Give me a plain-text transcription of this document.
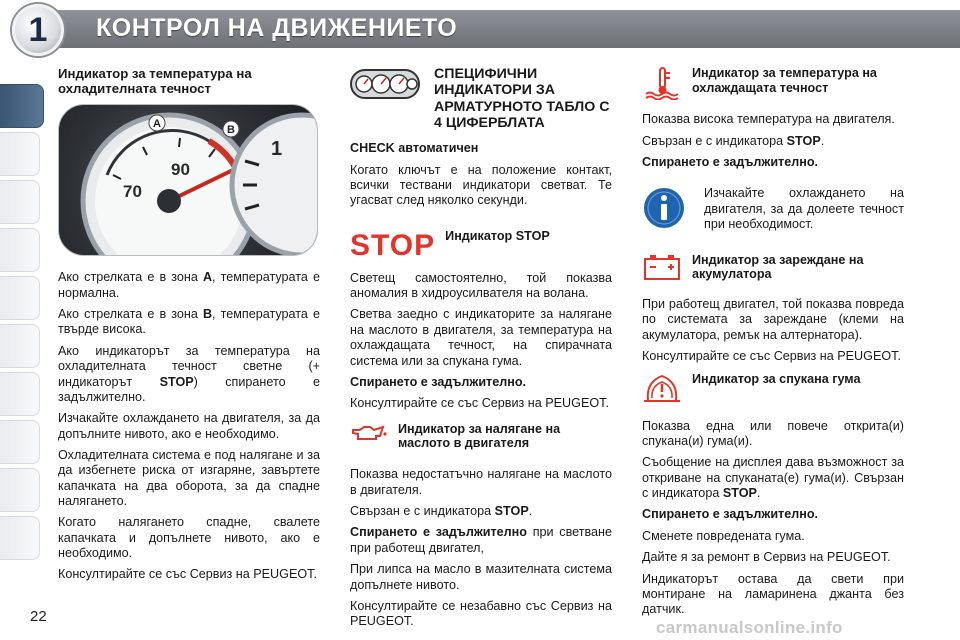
1 КОНТРОЛ НА ДВИЖЕНИЕТО
Индикатор за температура на охладителната течност
A	B
70
90
1

Ако стрелката е в зона A, температурата е нормална.

Ако стрелката е в зона B, температурата е твърде висока.

Ако индикаторът за температура на охладителната течност светне (+ индикаторът STOP) спирането е задължително.

Изчакайте охлаждането на двигателя, за да допълните нивото, ако е необходимо.

Охладителната система е под налягане и за да избегнете риска от изгаряне, завъртете капачката на два оборота, за да спадне налягането.

Когато налягането спадне, свалете капачката и допълнете нивото, ако е необходимо.

Консултирайте се със Сервиз на PEUGEOT.

СПЕЦИФИЧНИ ИНДИКАТОРИ ЗА АРМАТУРНОТО ТАБЛО С 4 ЦИФЕРБЛАТА
CHECK автоматичен

Когато ключът е на положение контакт, всички тествани индикатори светват. Те угасват след няколко секунди.

STOP Индикатор STOP

Светещ самостоятелно, той показва аномалия в хидроусилвателя на волана.

Светва заедно с индикаторите за налягане на маслото в двигателя, за температура на охлаждащата течност, на спирачната система или за спукана гума.

Спирането е задължително.

Консултирайте се със Сервиз на PEUGEOT.

Индикатор за налягане на маслото в двигателя

Показва недостатъчно налягане на маслото в двигателя.

Свързан е с индикатора STOP.

Спирането е задължително при светване при работещ двигател,

При липса на масло в мазителната система допълнете нивото.

Консултирайте се незабавно със Сервиз на PEUGEOT.

Индикатор за температура на охлаждащата течност

Показва висока температура на двигателя.

Свързан е с индикатора STOP.

Спирането е задължително.

Изчакайте охлаждането на двигателя, за да долеете течност при необходимост.

Индикатор за зареждане на акумулатора

При работещ двигател, той показва повреда по системата за зареждане (клеми на акумулатора, ремък на алтернатора).

Консултирайте се със Сервиз на PEUGEOT.

Индикатор за спукана гума

Показва една или повече открита(и) спукана(и) гума(и).

Съобщение на дисплея дава възможност за откриване на спуканата(е) гума(и). Свързан с индикатора STOP.

Спирането е задължително.

Сменете повредената гума.

Дайте я за ремонт в Сервиз на PEUGEOT.

Индикаторът остава да свети при монтиране на ламаринена джанта без датчик.

22
carmanualsonline.info
